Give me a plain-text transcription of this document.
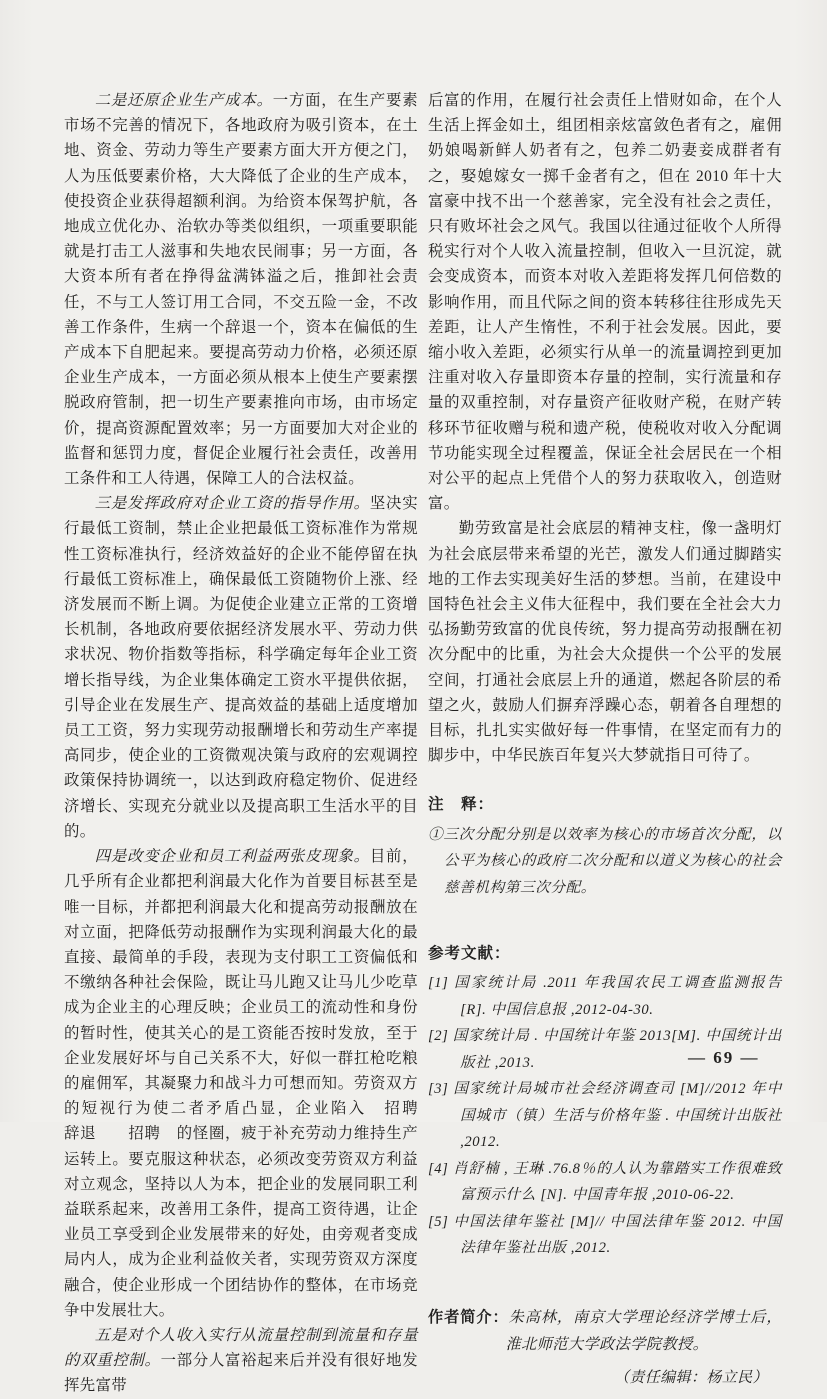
二是还原企业生产成本。一方面，在生产要素市场不完善的情况下，各地政府为吸引资本，在土地、资金、劳动力等生产要素方面大开方便之门，人为压低要素价格，大大降低了企业的生产成本，使投资企业获得超额利润。为给资本保驾护航，各地成立优化办、治软办等类似组织，一项重要职能就是打击工人滋事和失地农民闹事；另一方面，各大资本所有者在挣得盆满钵溢之后，推卸社会责任，不与工人签订用工合同，不交五险一金，不改善工作条件，生病一个辞退一个，资本在偏低的生产成本下自肥起来。要提高劳动力价格，必须还原企业生产成本，一方面必须从根本上使生产要素摆脱政府管制，把一切生产要素推向市场，由市场定价，提高资源配置效率；另一方面要加大对企业的监督和惩罚力度，督促企业履行社会责任，改善用工条件和工人待遇，保障工人的合法权益。

三是发挥政府对企业工资的指导作用。坚决实行最低工资制，禁止企业把最低工资标准作为常规性工资标准执行，经济效益好的企业不能停留在执行最低工资标准上，确保最低工资随物价上涨、经济发展而不断上调。为促使企业建立正常的工资增长机制，各地政府要依据经济发展水平、劳动力供求状况、物价指数等指标，科学确定每年企业工资增长指导线，为企业集体确定工资水平提供依据，引导企业在发展生产、提高效益的基础上适度增加员工工资，努力实现劳动报酬增长和劳动生产率提高同步，使企业的工资微观决策与政府的宏观调控政策保持协调统一，以达到政府稳定物价、促进经济增长、实现充分就业以及提高职工生活水平的目的。

四是改变企业和员工利益两张皮现象。目前，几乎所有企业都把利润最大化作为首要目标甚至是唯一目标，并都把利润最大化和提高劳动报酬放在对立面，把降低劳动报酬作为实现利润最大化的最直接、最简单的手段，表现为支付职工工资偏低和不缴纳各种社会保险，既让马儿跑又让马儿少吃草成为企业主的心理反映；企业员工的流动性和身份的暂时性，使其关心的是工资能否按时发放，至于企业发展好坏与自己关系不大，好似一群扛枪吃粮的雇佣军，其凝聚力和战斗力可想而知。劳资双方的短视行为使二者矛盾凸显，企业陷入　招聘　　辞退　　招聘　的怪圈，疲于补充劳动力维持生产运转上。要克服这种状态，必须改变劳资双方利益对立观念，坚持以人为本，把企业的发展同职工利益联系起来，改善用工条件，提高工资待遇，让企业员工享受到企业发展带来的好处，由旁观者变成局内人，成为企业利益攸关者，实现劳资双方深度融合，使企业形成一个团结协作的整体，在市场竞争中发展壮大。

五是对个人收入实行从流量控制到流量和存量的双重控制。一部分人富裕起来后并没有很好地发挥先富带

后富的作用，在履行社会责任上惜财如命，在个人生活上挥金如土，组团相亲炫富敛色者有之，雇佣奶娘喝新鲜人奶者有之，包养二奶妻妾成群者有之，娶媳嫁女一掷千金者有之，但在 2010 年十大富豪中找不出一个慈善家，完全没有社会之责任，只有败坏社会之风气。我国以往通过征收个人所得税实行对个人收入流量控制，但收入一旦沉淀，就会变成资本，而资本对收入差距将发挥几何倍数的影响作用，而且代际之间的资本转移往往形成先天差距，让人产生惰性，不利于社会发展。因此，要缩小收入差距，必须实行从单一的流量调控到更加注重对收入存量即资本存量的控制，实行流量和存量的双重控制，对存量资产征收财产税，在财产转移环节征收赠与税和遗产税，使税收对收入分配调节功能实现全过程覆盖，保证全社会居民在一个相对公平的起点上凭借个人的努力获取收入，创造财富。

勤劳致富是社会底层的精神支柱，像一盏明灯为社会底层带来希望的光芒，激发人们通过脚踏实地的工作去实现美好生活的梦想。当前，在建设中国特色社会主义伟大征程中，我们要在全社会大力弘扬勤劳致富的优良传统，努力提高劳动报酬在初次分配中的比重，为社会大众提供一个公平的发展空间，打通社会底层上升的通道，燃起各阶层的希望之火，鼓励人们摒弃浮躁心态，朝着各自理想的目标，扎扎实实做好每一件事情，在坚定而有力的脚步中，中华民族百年复兴大梦就指日可待了。

注　释：

①三次分配分别是以效率为核心的市场首次分配，以公平为核心的政府二次分配和以道义为核心的社会慈善机构第三次分配。

参考文献：

[1] 国家统计局 .2011 年我国农民工调查监测报告 [R]. 中国信息报 ,2012-04-30.

[2] 国家统计局 . 中国统计年鉴 2013[M]. 中国统计出版社 ,2013.

[3] 国家统计局城市社会经济调查司 [M]//2012 年中国城市（镇）生活与价格年鉴 . 中国统计出版社 ,2012.

[4] 肖舒楠 , 王琳 .76.8％的人认为靠踏实工作很难致富预示什么 [N]. 中国青年报 ,2010-06-22.

[5] 中国法律年鉴社 [M]// 中国法律年鉴 2012. 中国法律年鉴社出版 ,2012.

作者简介：朱高林，南京大学理论经济学博士后，淮北师范大学政法学院教授。
（责任编辑：杨立民）
— 69 —
